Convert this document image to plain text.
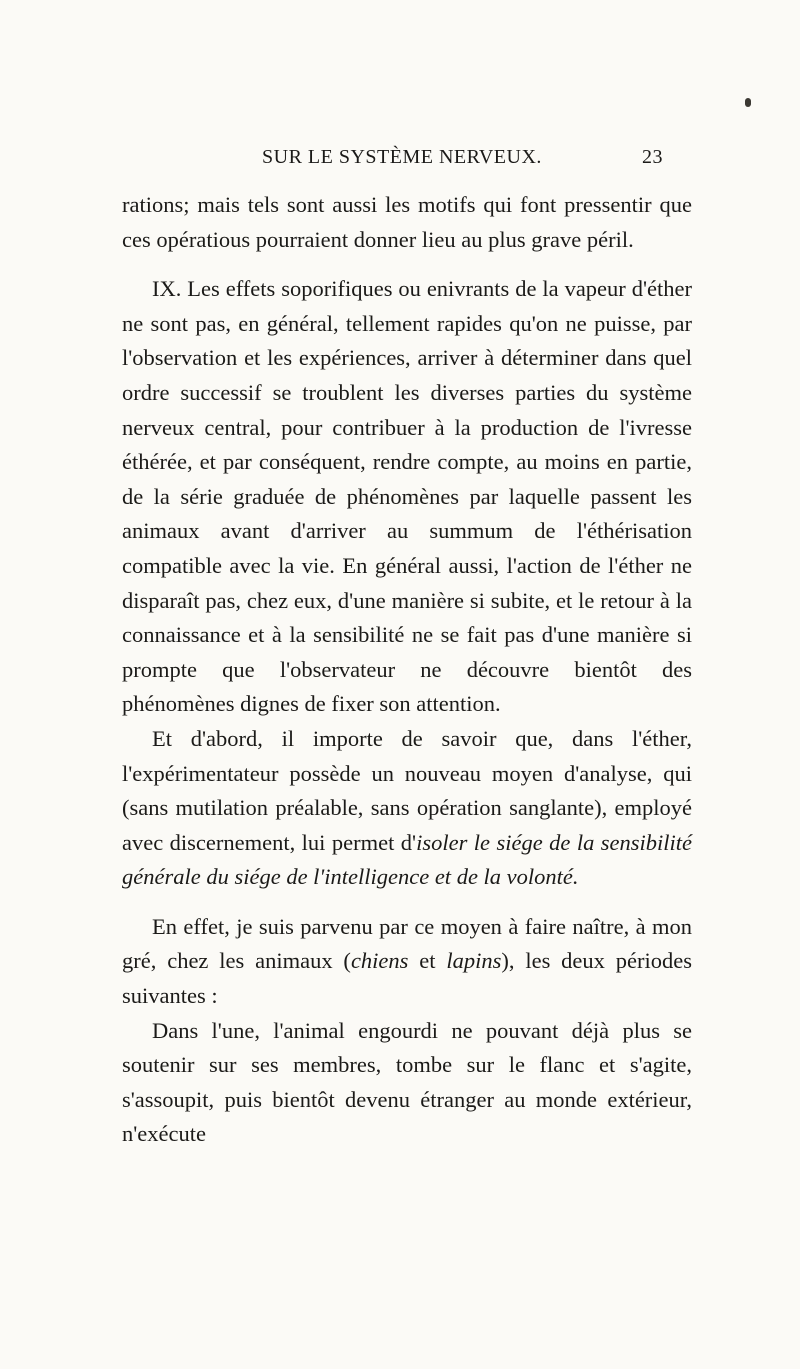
SUR LE SYSTÈME NERVEUX.	23

rations; mais tels sont aussi les motifs qui font pressentir que ces opératious pourraient donner lieu au plus grave péril.

IX. Les effets soporifiques ou enivrants de la vapeur d'éther ne sont pas, en général, tellement rapides qu'on ne puisse, par l'observation et les expériences, arriver à déterminer dans quel ordre successif se troublent les diverses parties du système nerveux central, pour contribuer à la production de l'ivresse éthérée, et par conséquent, rendre compte, au moins en partie, de la série graduée de phénomènes par laquelle passent les animaux avant d'arriver au summum de l'éthérisation compatible avec la vie. En général aussi, l'action de l'éther ne disparaît pas, chez eux, d'une manière si subite, et le retour à la connaissance et à la sensibilité ne se fait pas d'une manière si prompte que l'observateur ne découvre bientôt des phénomènes dignes de fixer son attention.

Et d'abord, il importe de savoir que, dans l'éther, l'expérimentateur possède un nouveau moyen d'analyse, qui (sans mutilation préalable, sans opération sanglante), employé avec discernement, lui permet d'isoler le siége de la sensibilité générale du siége de l'intelligence et de la volonté.

En effet, je suis parvenu par ce moyen à faire naître, à mon gré, chez les animaux (chiens et lapins), les deux périodes suivantes :

Dans l'une, l'animal engourdi ne pouvant déjà plus se soutenir sur ses membres, tombe sur le flanc et s'agite, s'assoupit, puis bientôt devenu étranger au monde extérieur, n'exécute
